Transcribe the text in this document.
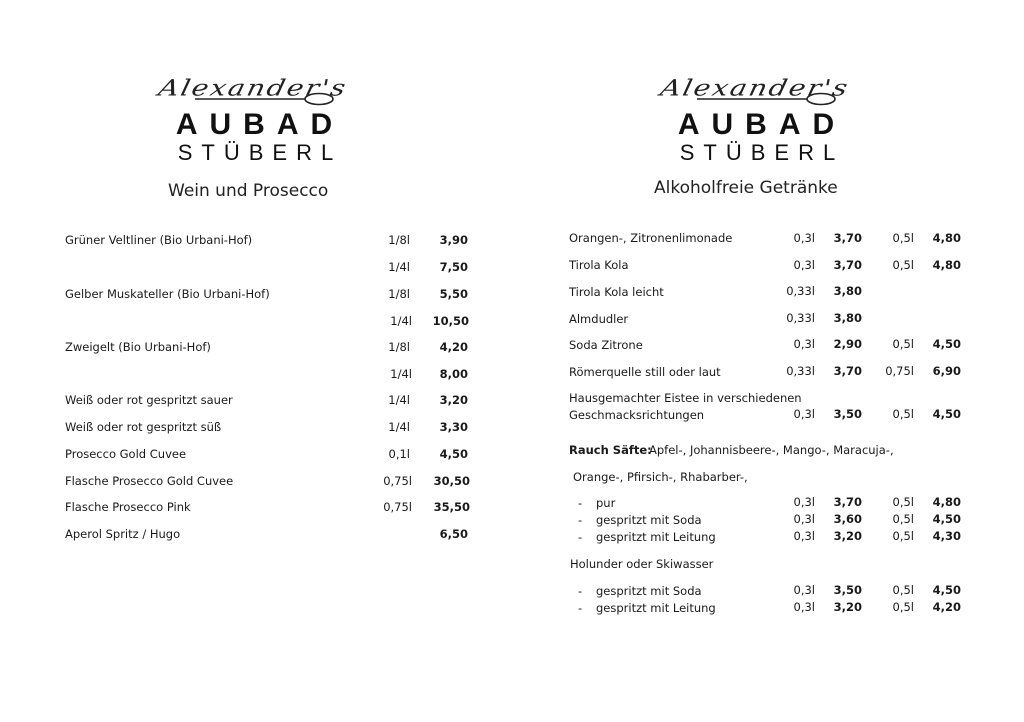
Alexander's
AUBAD
STÜBERL
Wein und Prosecco
Grüner Veltliner (Bio Urbani-Hof)	1/8l	3,90
1/4l	7,50
Gelber Muskateller (Bio Urbani-Hof)	1/8l	5,50
1/4l	10,50
Zweigelt (Bio Urbani-Hof)	1/8l	4,20
1/4l	8,00
Weiß oder rot gespritzt sauer	1/4l	3,20
Weiß oder rot gespritzt süß	1/4l	3,30
Prosecco Gold Cuvee	0,1l	4,50
Flasche Prosecco Gold Cuvee	0,75l	30,50
Flasche Prosecco Pink	0,75l	35,50
Aperol Spritz / Hugo	6,50
Alexander's
AUBAD
STÜBERL
Alkoholfreie Getränke
Orangen-, Zitronenlimonade	0,3l	3,70	0,5l	4,80
Tirola Kola	0,3l	3,70	0,5l	4,80
Tirola Kola leicht	0,33l	3,80
Almdudler	0,33l	3,80
Soda Zitrone	0,3l	2,90	0,5l	4,50
Römerquelle still oder laut	0,33l	3,70	0,75l	6,90
Hausgemachter Eistee in verschiedenen
Geschmacksrichtungen	0,3l	3,50	0,5l	4,50
Rauch Säfte:
Apfel-, Johannisbeere-, Mango-, Maracuja-,
Orange-, Pfirsich-, Rhabarber-,
- pur	0,3l	3,70	0,5l	4,80
- gespritzt mit Soda	0,3l	3,60	0,5l	4,50
- gespritzt mit Leitung	0,3l	3,20	0,5l	4,30
Holunder oder Skiwasser
- gespritzt mit Soda	0,3l	3,50	0,5l	4,50
- gespritzt mit Leitung	0,3l	3,20	0,5l	4,20
